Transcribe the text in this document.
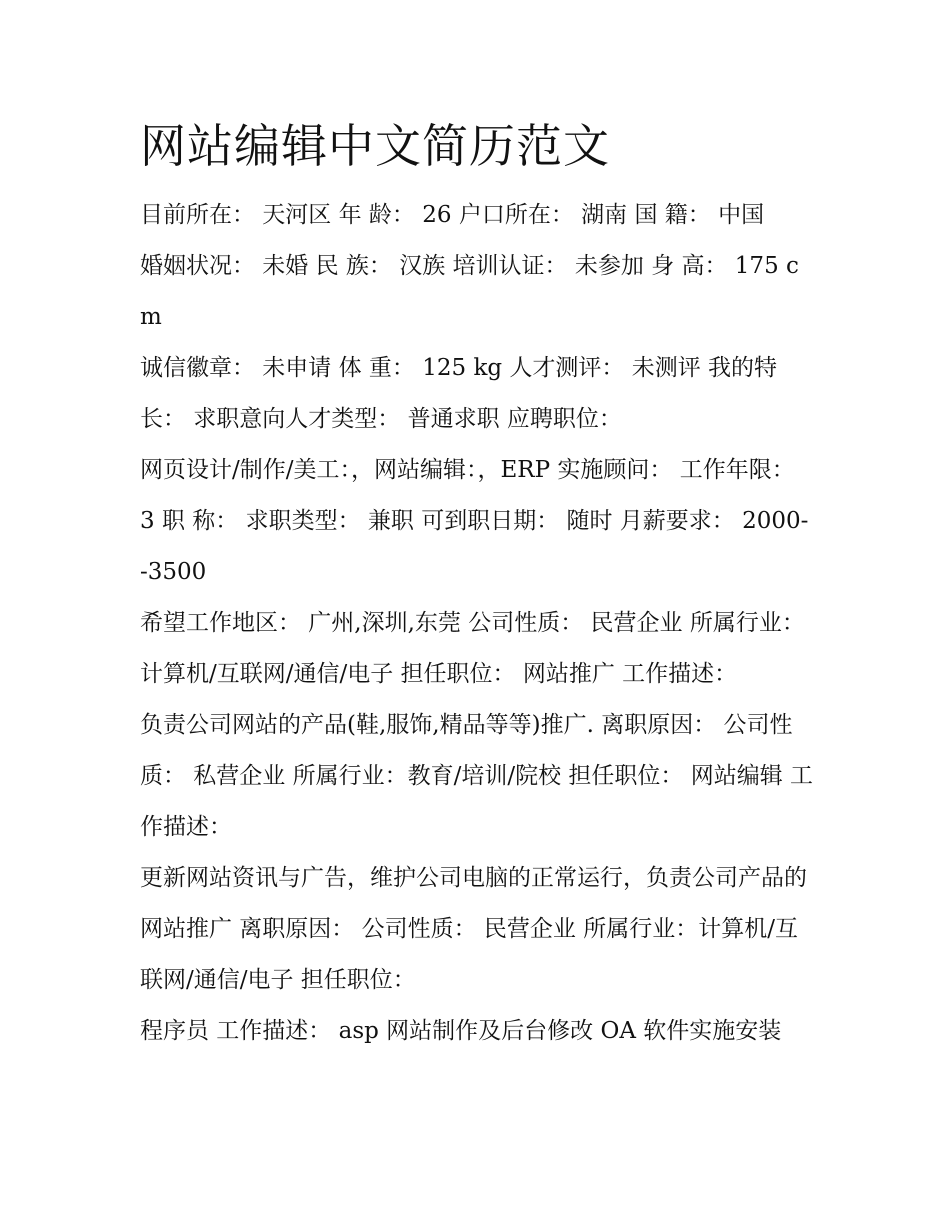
网站编辑中文简历范文

目前所在： 天河区 年 龄： 26 户口所在： 湖南 国 籍： 中国

婚姻状况： 未婚 民 族： 汉族 培训认证： 未参加 身 高： 175 cm

诚信徽章： 未申请 体 重： 125 kg 人才测评： 未测评 我的特长： 求职意向人才类型： 普通求职 应聘职位：

网页设计/制作/美工：，网站编辑：，ERP 实施顾问： 工作年限： 3 职 称： 求职类型： 兼职 可到职日期： 随时 月薪要求： 2000--3500

希望工作地区： 广州,深圳,东莞 公司性质： 民营企业 所属行业：计算机/互联网/通信/电子 担任职位： 网站推广 工作描述：

负责公司网站的产品(鞋,服饰,精品等等)推广. 离职原因： 公司性质： 私营企业 所属行业：教育/培训/院校 担任职位： 网站编辑 工作描述：

更新网站资讯与广告，维护公司电脑的正常运行，负责公司产品的网站推广 离职原因： 公司性质： 民营企业 所属行业：计算机/互联网/通信/电子 担任职位：

程序员 工作描述： asp 网站制作及后台修改 OA 软件实施安装
